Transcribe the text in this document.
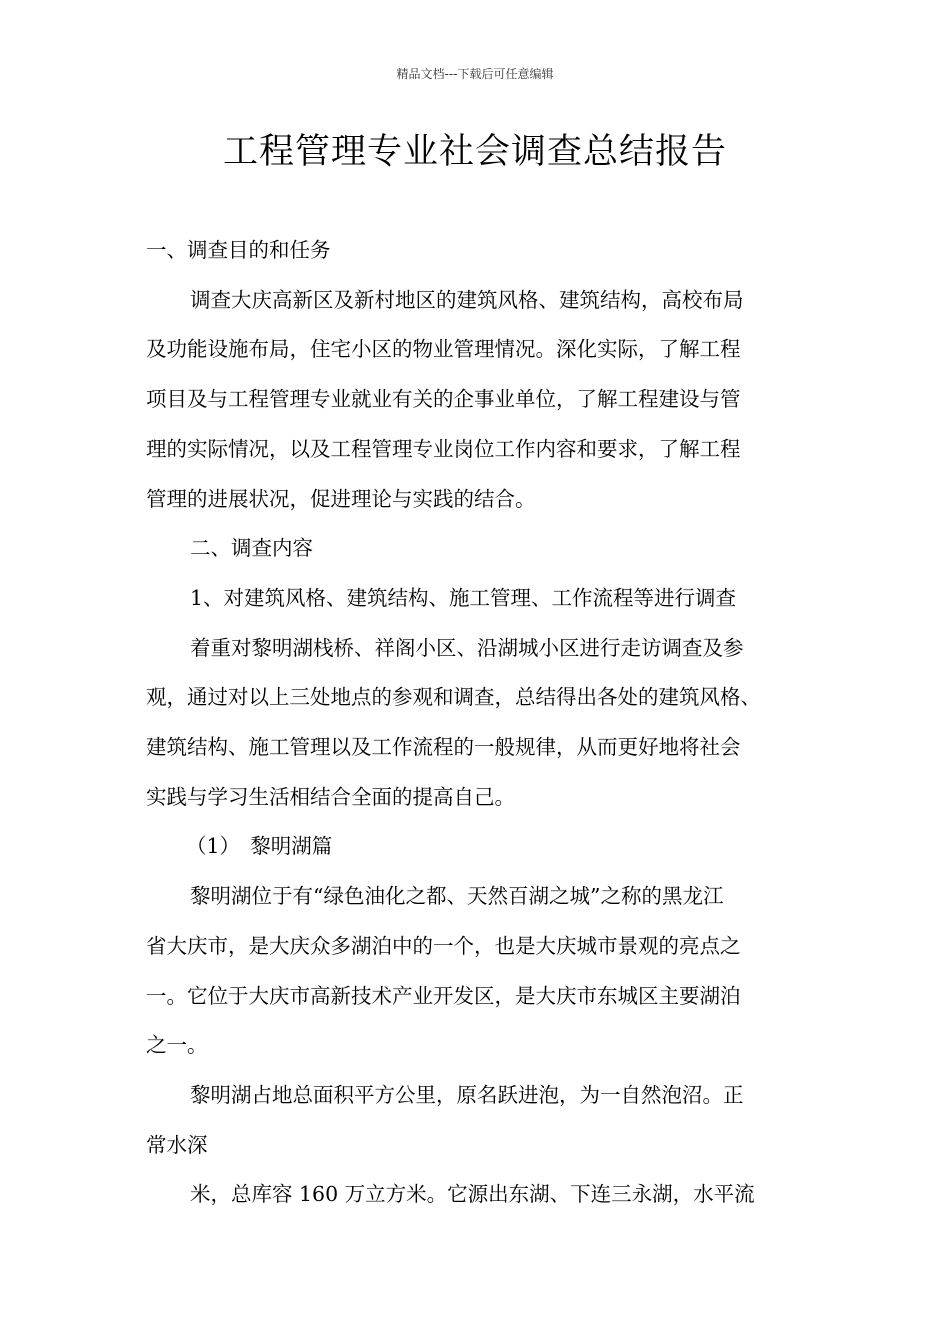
精品文档---下载后可任意编辑
工程管理专业社会调查总结报告

一、调查目的和任务

调查大庆高新区及新村地区的建筑风格、建筑结构，高校布局

及功能设施布局，住宅小区的物业管理情况。深化实际，了解工程

项目及与工程管理专业就业有关的企事业单位，了解工程建设与管

理的实际情况，以及工程管理专业岗位工作内容和要求，了解工程

管理的进展状况，促进理论与实践的结合。

二、调查内容

1、对建筑风格、建筑结构、施工管理、工作流程等进行调查

着重对黎明湖栈桥、祥阁小区、沿湖城小区进行走访调查及参

观，通过对以上三处地点的参观和调查，总结得出各处的建筑风格、

建筑结构、施工管理以及工作流程的一般规律，从而更好地将社会

实践与学习生活相结合全面的提高自己。

（1）　黎明湖篇

黎明湖位于有“绿色油化之都、天然百湖之城”之称的黑龙江

省大庆市，是大庆众多湖泊中的一个，也是大庆城市景观的亮点之

一。它位于大庆市高新技术产业开发区，是大庆市东城区主要湖泊

之一。

黎明湖占地总面积平方公里，原名跃进泡，为一自然泡沼。正

常水深

米，总库容 160 万立方米。它源出东湖、下连三永湖，水平流
